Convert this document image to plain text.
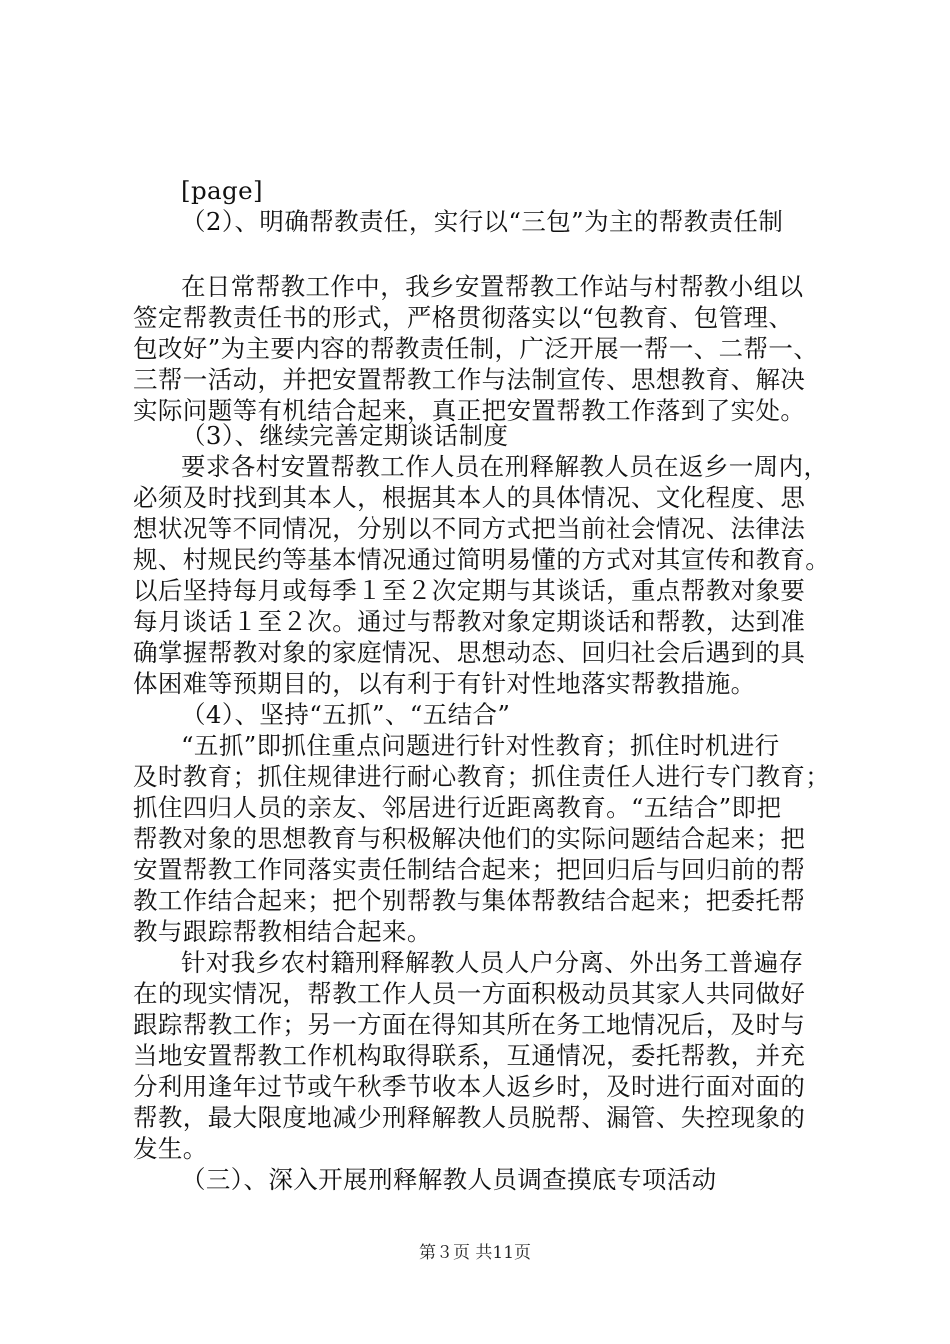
[page]
（2）、明确帮教责任，实行以“三包”为主的帮教责任制
在日常帮教工作中，我乡安置帮教工作站与村帮教小组以
签定帮教责任书的形式，严格贯彻落实以“包教育、包管理、
包改好”为主要内容的帮教责任制，广泛开展一帮一、二帮一、
三帮一活动，并把安置帮教工作与法制宣传、思想教育、解决
实际问题等有机结合起来，真正把安置帮教工作落到了实处。
（3）、继续完善定期谈话制度
要求各村安置帮教工作人员在刑释解教人员在返乡一周内，
必须及时找到其本人，根据其本人的具体情况、文化程度、思
想状况等不同情况，分别以不同方式把当前社会情况、法律法
规、村规民约等基本情况通过简明易懂的方式对其宣传和教育。
以后坚持每月或每季１至２次定期与其谈话，重点帮教对象要
每月谈话１至２次。通过与帮教对象定期谈话和帮教，达到准
确掌握帮教对象的家庭情况、思想动态、回归社会后遇到的具
体困难等预期目的，以有利于有针对性地落实帮教措施。
（4）、坚持“五抓”、“五结合”
“五抓”即抓住重点问题进行针对性教育；抓住时机进行
及时教育；抓住规律进行耐心教育；抓住责任人进行专门教育；
抓住四归人员的亲友、邻居进行近距离教育。“五结合”即把
帮教对象的思想教育与积极解决他们的实际问题结合起来；把
安置帮教工作同落实责任制结合起来；把回归后与回归前的帮
教工作结合起来；把个别帮教与集体帮教结合起来；把委托帮
教与跟踪帮教相结合起来。
针对我乡农村籍刑释解教人员人户分离、外出务工普遍存
在的现实情况，帮教工作人员一方面积极动员其家人共同做好
跟踪帮教工作；另一方面在得知其所在务工地情况后，及时与
当地安置帮教工作机构取得联系，互通情况，委托帮教，并充
分利用逢年过节或午秋季节收本人返乡时，及时进行面对面的
帮教，最大限度地减少刑释解教人员脱帮、漏管、失控现象的
发生。
（三）、深入开展刑释解教人员调查摸底专项活动
第３页 共11页
